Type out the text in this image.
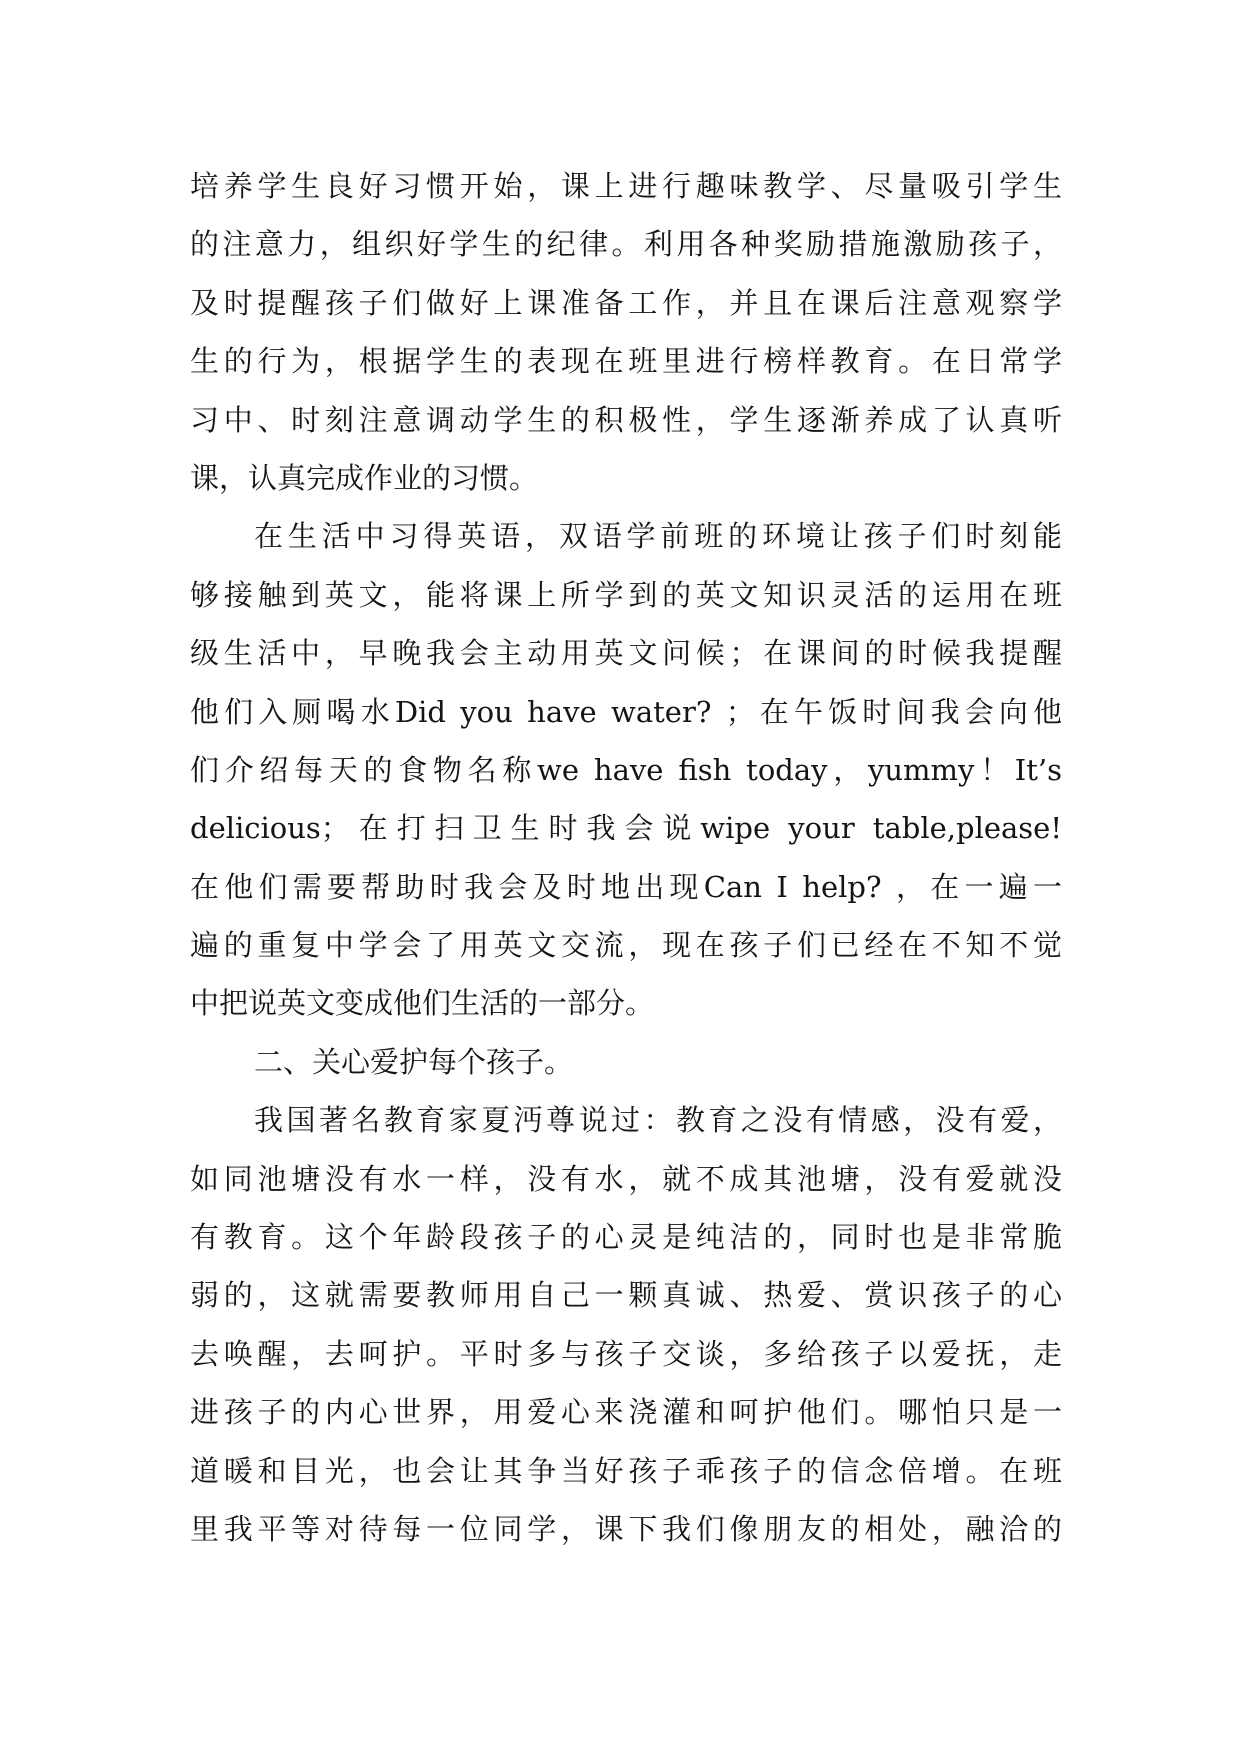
培养学生良好习惯开始，课上进行趣味教学、尽量吸引学生
的注意力，组织好学生的纪律。利用各种奖励措施激励孩子，
及时提醒孩子们做好上课准备工作，并且在课后注意观察学
生的行为，根据学生的表现在班里进行榜样教育。在日常学
习中、时刻注意调动学生的积极性，学生逐渐养成了认真听
课，认真完成作业的习惯。
在生活中习得英语，双语学前班的环境让孩子们时刻能
够接触到英文，能将课上所学到的英文知识灵活的运用在班
级生活中，早晚我会主动用英文问候；在课间的时候我提醒
他们入厕喝水Did you have water? ；在午饭时间我会向他
们介绍每天的食物名称we have fish today，yummy！It’s
delicious；在打扫卫生时我会说wipe your table,please!
在他们需要帮助时我会及时地出现Can I help? ，在一遍一
遍的重复中学会了用英文交流，现在孩子们已经在不知不觉
中把说英文变成他们生活的一部分。
二、关心爱护每个孩子。
我国著名教育家夏沔尊说过：教育之没有情感，没有爱，
如同池塘没有水一样，没有水，就不成其池塘，没有爱就没
有教育。这个年龄段孩子的心灵是纯洁的，同时也是非常脆
弱的，这就需要教师用自己一颗真诚、热爱、赏识孩子的心
去唤醒，去呵护。平时多与孩子交谈，多给孩子以爱抚，走
进孩子的内心世界，用爱心来浇灌和呵护他们。哪怕只是一
道暖和目光，也会让其争当好孩子乖孩子的信念倍增。在班
里我平等对待每一位同学，课下我们像朋友的相处，融洽的
